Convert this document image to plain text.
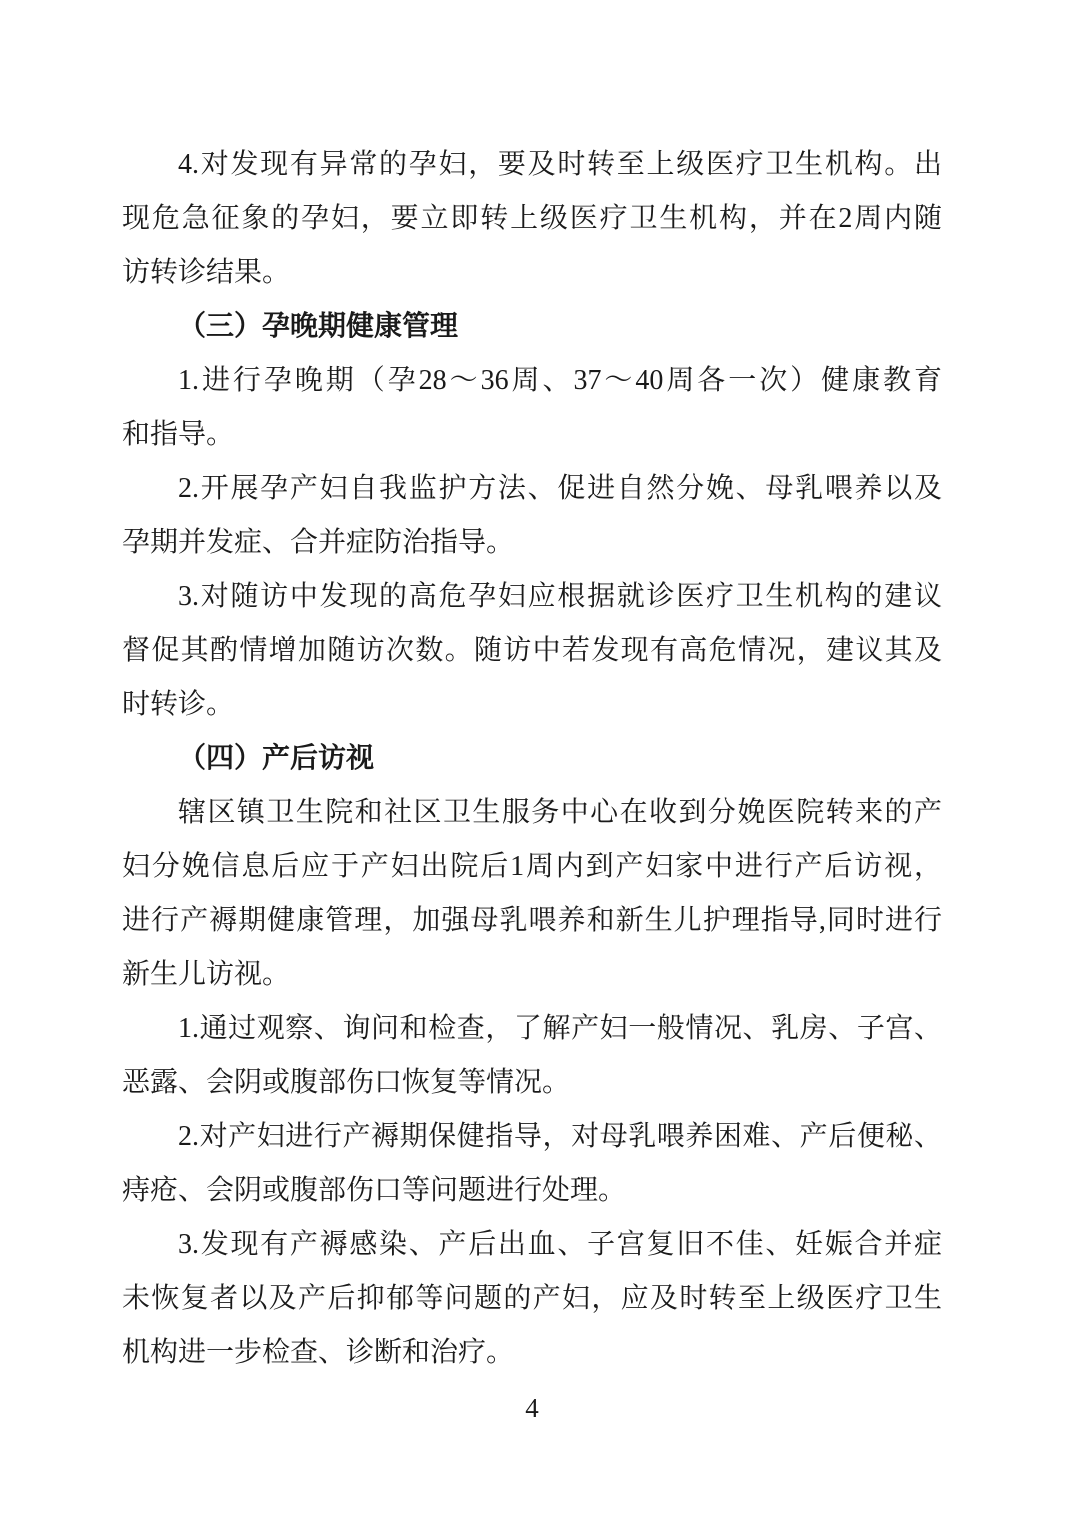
4.对发现有异常的孕妇，要及时转至上级医疗卫生机构。出
现危急征象的孕妇，要立即转上级医疗卫生机构，并在2周内随
访转诊结果。
（三）孕晚期健康管理
1.进行孕晚期（孕28～36周、37～40周各一次）健康教育
和指导。
2.开展孕产妇自我监护方法、促进自然分娩、母乳喂养以及
孕期并发症、合并症防治指导。
3.对随访中发现的高危孕妇应根据就诊医疗卫生机构的建议
督促其酌情增加随访次数。随访中若发现有高危情况，建议其及
时转诊。
（四）产后访视
辖区镇卫生院和社区卫生服务中心在收到分娩医院转来的产
妇分娩信息后应于产妇出院后1周内到产妇家中进行产后访视，
进行产褥期健康管理，加强母乳喂养和新生儿护理指导,同时进行
新生儿访视。
1.通过观察、询问和检查，了解产妇一般情况、乳房、子宫、
恶露、会阴或腹部伤口恢复等情况。
2.对产妇进行产褥期保健指导，对母乳喂养困难、产后便秘、
痔疮、会阴或腹部伤口等问题进行处理。
3.发现有产褥感染、产后出血、子宫复旧不佳、妊娠合并症
未恢复者以及产后抑郁等问题的产妇，应及时转至上级医疗卫生
机构进一步检查、诊断和治疗。
4
